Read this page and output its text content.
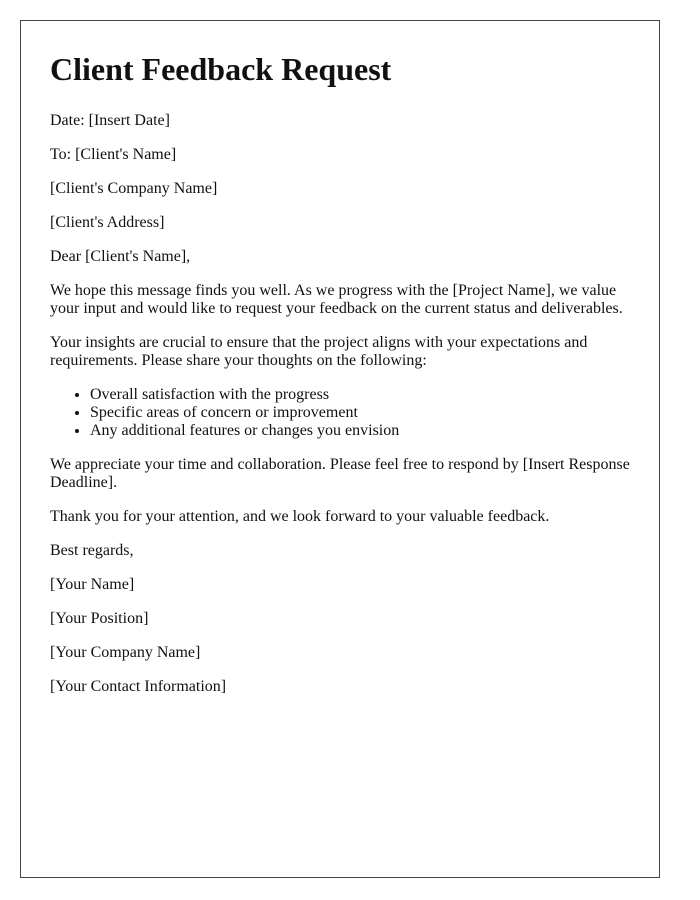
Client Feedback Request

Date: [Insert Date]

To: [Client's Name]

[Client's Company Name]

[Client's Address]

Dear [Client's Name],

We hope this message finds you well. As we progress with the [Project Name], we value your input and would like to request your feedback on the current status and deliverables.

Your insights are crucial to ensure that the project aligns with your expectations and requirements. Please share your thoughts on the following:

• Overall satisfaction with the progress
• Specific areas of concern or improvement
• Any additional features or changes you envision

We appreciate your time and collaboration. Please feel free to respond by [Insert Response Deadline].

Thank you for your attention, and we look forward to your valuable feedback.

Best regards,

[Your Name]

[Your Position]

[Your Company Name]

[Your Contact Information]
